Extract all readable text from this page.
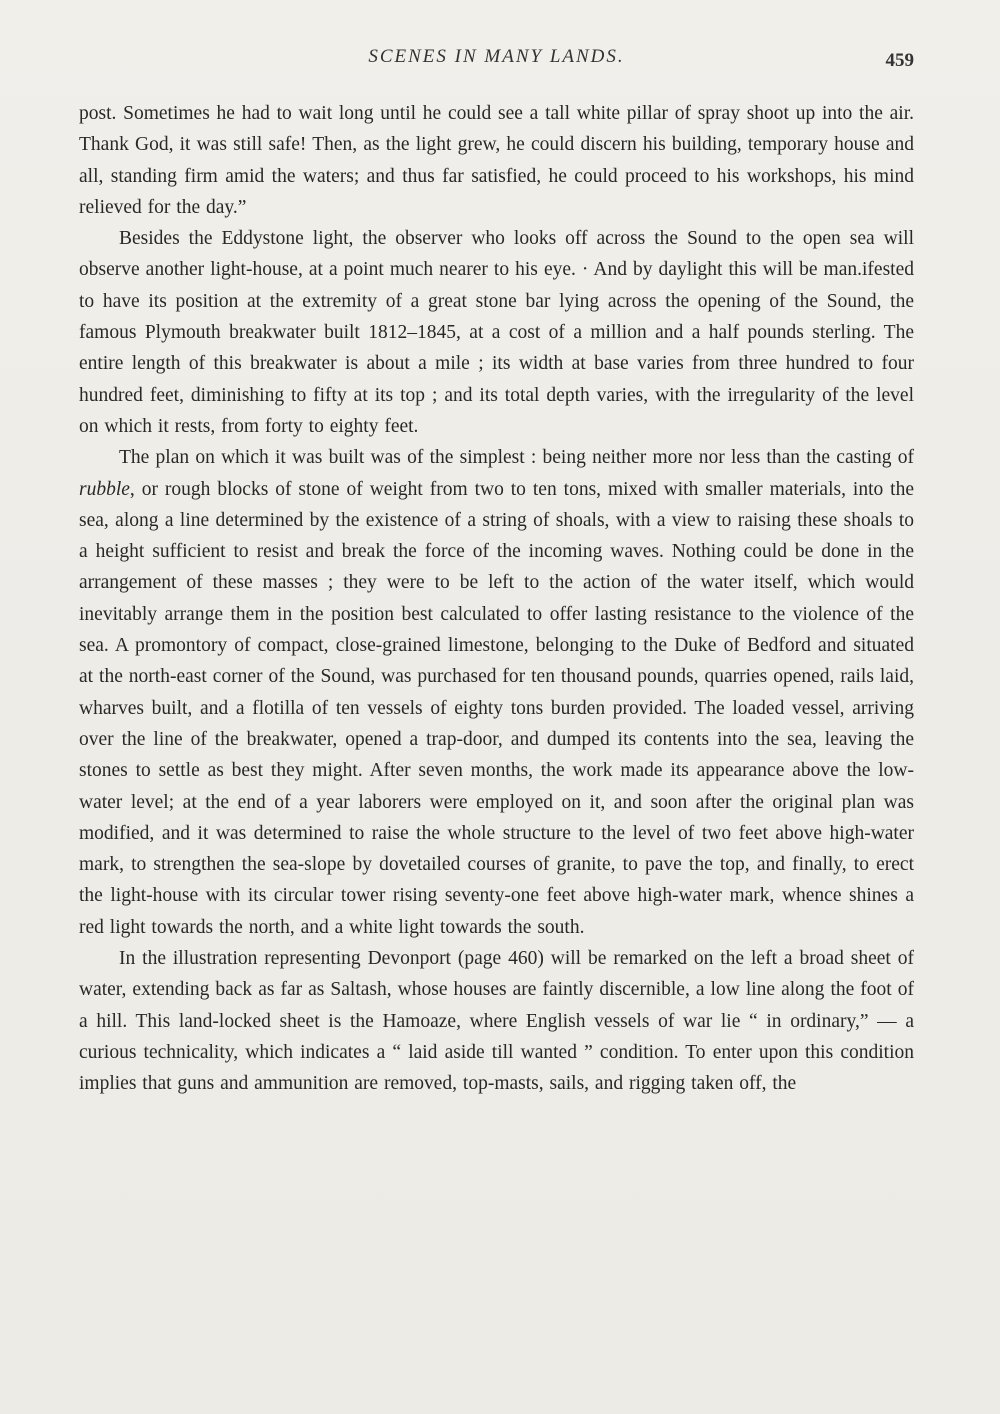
SCENES IN MANY LANDS.	459

post. Sometimes he had to wait long until he could see a tall white pillar of spray shoot up into the air. Thank God, it was still safe! Then, as the light grew, he could discern his building, temporary house and all, standing firm amid the waters; and thus far satisfied, he could proceed to his workshops, his mind relieved for the day.”

Besides the Eddystone light, the observer who looks off across the Sound to the open sea will observe another light-house, at a point much nearer to his eye. · And by daylight this will be man.ifested to have its position at the extremity of a great stone bar lying across the opening of the Sound, the famous Plymouth breakwater built 1812–1845, at a cost of a million and a half pounds sterling. The entire length of this breakwater is about a mile ; its width at base varies from three hundred to four hundred feet, diminishing to fifty at its top ; and its total depth varies, with the irregularity of the level on which it rests, from forty to eighty feet.

The plan on which it was built was of the simplest : being neither more nor less than the casting of rubble, or rough blocks of stone of weight from two to ten tons, mixed with smaller materials, into the sea, along a line determined by the existence of a string of shoals, with a view to raising these shoals to a height sufficient to resist and break the force of the incoming waves. Nothing could be done in the arrangement of these masses ; they were to be left to the action of the water itself, which would inevitably arrange them in the position best calculated to offer lasting resistance to the violence of the sea. A promontory of compact, close-grained limestone, belonging to the Duke of Bedford and situated at the north-east corner of the Sound, was purchased for ten thousand pounds, quarries opened, rails laid, wharves built, and a flotilla of ten vessels of eighty tons burden provided. The loaded vessel, arriving over the line of the breakwater, opened a trap-door, and dumped its contents into the sea, leaving the stones to settle as best they might. After seven months, the work made its appearance above the low-water level; at the end of a year laborers were employed on it, and soon after the original plan was modified, and it was determined to raise the whole structure to the level of two feet above high-water mark, to strengthen the sea-slope by dovetailed courses of granite, to pave the top, and finally, to erect the light-house with its circular tower rising seventy-one feet above high-water mark, whence shines a red light towards the north, and a white light towards the south.

In the illustration representing Devonport (page 460) will be remarked on the left a broad sheet of water, extending back as far as Saltash, whose houses are faintly discernible, a low line along the foot of a hill. This land-locked sheet is the Hamoaze, where English vessels of war lie “ in ordinary,” — a curious technicality, which indicates a “ laid aside till wanted ” condition. To enter upon this condition implies that guns and ammunition are removed, top-masts, sails, and rigging taken off, the
